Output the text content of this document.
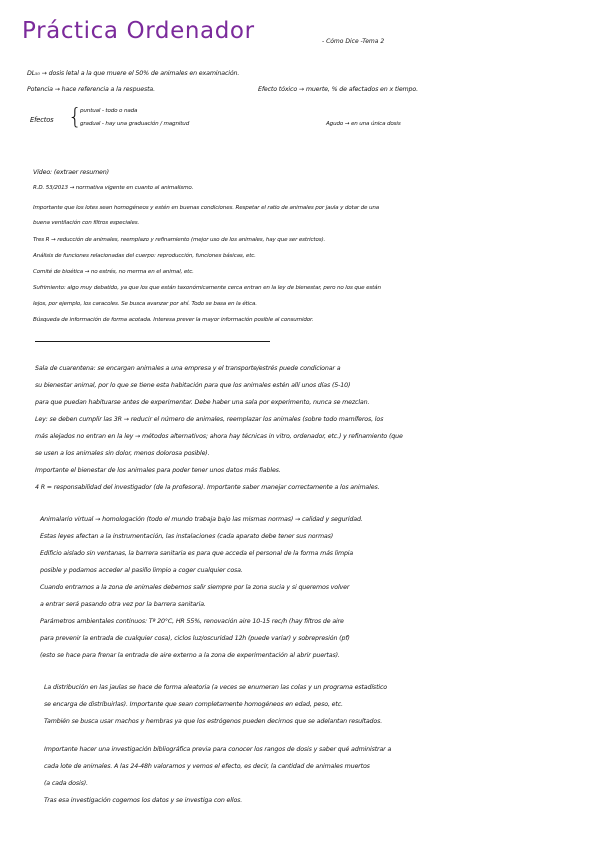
Práctica Ordenador	- Cómo Dice -Tema 2
DL₅₀ → dosis letal a la que muere el 50% de animales en examinación.
Potencia → hace referencia a la respuesta.	Efecto tóxico → muerte, % de afectados en x tiempo.
Efectos {
puntual - todo o nada
gradual - hay una graduación / magnitud	Agudo → en una única dosis
Vídeo: (extraer resumen)
R.D. 53/2013 → normativa vigente en cuanto al animalismo.
Importante que los lotes sean homogéneos y estén en buenas condiciones. Respetar el ratio de animales por jaula y dotar de una
buena ventilación con filtros especiales.
Tres R → reducción de animales, reemplazo y refinamiento (mejor uso de los animales, hay que ser estrictos).
Análisis de funciones relacionadas del cuerpo: reproducción, funciones básicas, etc.
Comité de bioética → no estrés, no merma en el animal, etc.
Sufrimiento: algo muy debatido, ya que los que están taxonómicamente cerca entran en la ley de bienestar, pero no los que están
lejos, por ejemplo, los caracoles. Se busca avanzar por ahí. Todo se basa en la ética.
Búsqueda de información de forma acotada. Interesa prever la mayor información posible al consumidor.
Sala de cuarentena: se encargan animales a una empresa y el transporte/estrés puede condicionar a
su bienestar animal, por lo que se tiene esta habitación para que los animales estén allí unos días (5-10)
para que puedan habituarse antes de experimentar. Debe haber una sala por experimento, nunca se mezclan.
Ley: se deben cumplir las 3R → reducir el número de animales, reemplazar los animales (sobre todo mamíferos, los
más alejados no entran en la ley → métodos alternativos; ahora hay técnicas in vitro, ordenador, etc.) y refinamiento (que
se usen a los animales sin dolor, menos dolorosa posible).
Importante el bienestar de los animales para poder tener unos datos más fiables.
4 R = responsabilidad del investigador (de la profesora). Importante saber manejar correctamente a los animales.
Animalario virtual → homologación (todo el mundo trabaja bajo las mismas normas) → calidad y seguridad.
Estas leyes afectan a la instrumentación, las instalaciones (cada aparato debe tener sus normas)
Edificio aislado sin ventanas, la barrera sanitaria es para que acceda el personal de la forma más limpia
posible y podamos acceder al pasillo limpio a coger cualquier cosa.
Cuando entramos a la zona de animales debemos salir siempre por la zona sucia y si queremos volver
a entrar será pasando otra vez por la barrera sanitaria.
Parámetros ambientales continuos: Tª 20°C, HR 55%, renovación aire 10-15 rec/h (hay filtros de aire
para prevenir la entrada de cualquier cosa), ciclos luz/oscuridad 12h (puede variar) y sobrepresión (pf)
(esto se hace para frenar la entrada de aire externo a la zona de experimentación al abrir puertas).
La distribución en las jaulas se hace de forma aleatoria (a veces se enumeran las colas y un programa estadístico
se encarga de distribuirlas). Importante que sean completamente homogéneos en edad, peso, etc.
También se busca usar machos y hembras ya que los estrógenos pueden decirnos que se adelantan resultados.
Importante hacer una investigación bibliográfica previa para conocer los rangos de dosis y saber qué administrar a
cada lote de animales. A las 24-48h valoramos y vemos el efecto, es decir, la cantidad de animales muertos
(a cada dosis).
Tras esa investigación cogemos los datos y se investiga con ellos.
